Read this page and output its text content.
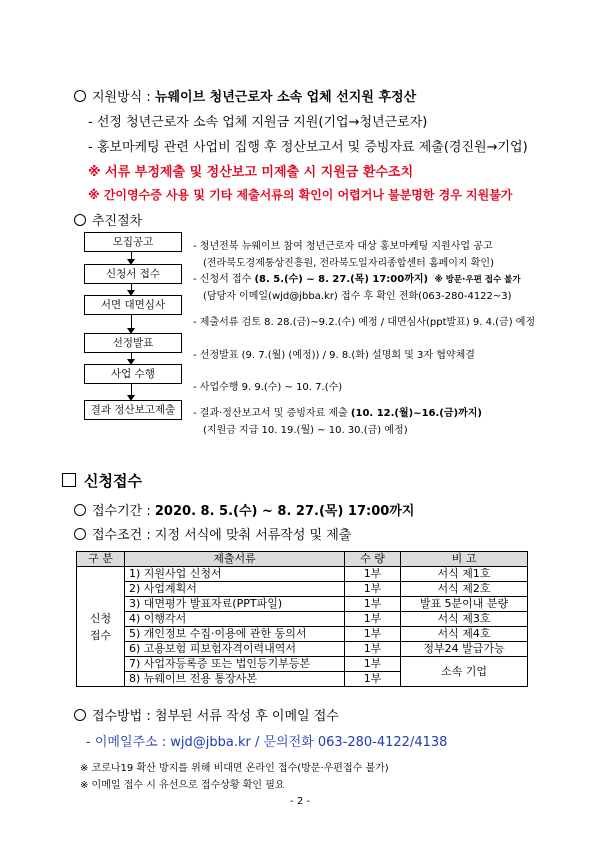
지원방식 : 뉴웨이브 청년근로자 소속 업체 선지원 후정산
- 선정 청년근로자 소속 업체 지원금 지원(기업→청년근로자)
- 홍보마케팅 관련 사업비 집행 후 정산보고서 및 증빙자료 제출(경진원→기업)
※ 서류 부정제출 및 정산보고 미제출 시 지원금 환수조치
※ 간이영수증 사용 및 기타 제출서류의 확인이 어렵거나 불분명한 경우 지원불가
추진절차
모집공고
신청서 접수
서면 대면심사
선정발표
사업 수행
결과 정산보고제출
- 청년전북 뉴웨이브 참여 청년근로자 대상 홍보마케팅 지원사업 공고
(전라북도경제통상진흥원, 전라북도일자리종합센터 홈페이지 확인)
- 신청서 접수 (8. 5.(수) ~ 8. 27.(목) 17:00까지) ※ 방문·우편 접수 불가
(담당자 이메일(wjd@jbba.kr) 접수 후 확인 전화(063-280-4122~3)
- 제출서류 검토 8. 28.(금)~9.2.(수) 예정 / 대면심사(ppt발표) 9. 4.(금) 예정
- 선정발표 (9. 7.(월) (예정)) / 9. 8.(화) 설명회 및 3자 협약체결
- 사업수행 9. 9.(수) ~ 10. 7.(수)
- 결과·정산보고서 및 증빙자료 제출 (10. 12.(월)~16.(금)까지)
(지원금 지급 10. 19.(월) ~ 10. 30.(금) 예정)
신청접수
접수기간 : 2020. 8. 5.(수) ~ 8. 27.(목) 17:00까지
접수조건 : 지정 서식에 맞춰 서류작성 및 제출
구 분	제출서류	수 량	비 고
신청
접수	1) 지원사업 신청서	1부	서식 제1호
	2) 사업계획서	1부	서식 제2호
	3) 대면평가 발표자료(PPT파일)	1부	발표 5분이내 분량
	4) 이행각서	1부	서식 제3호
	5) 개인정보 수집·이용에 관한 동의서	1부	서식 제4호
	6) 고용보험 피보험자격이력내역서	1부	정부24 발급가능
	7) 사업자등록증 또는 법인등기부등본	1부	소속 기업
	8) 뉴웨이브 전용 통장사본	1부	
접수방법 : 첨부된 서류 작성 후 이메일 접수
- 이메일주소 : wjd@jbba.kr / 문의전화 063-280-4122/4138
※ 코로나19 확산 방지를 위해 비대면 온라인 접수(방문·우편접수 불가)
※ 이메일 접수 시 유선으로 접수상황 확인 필요
- 2 -
